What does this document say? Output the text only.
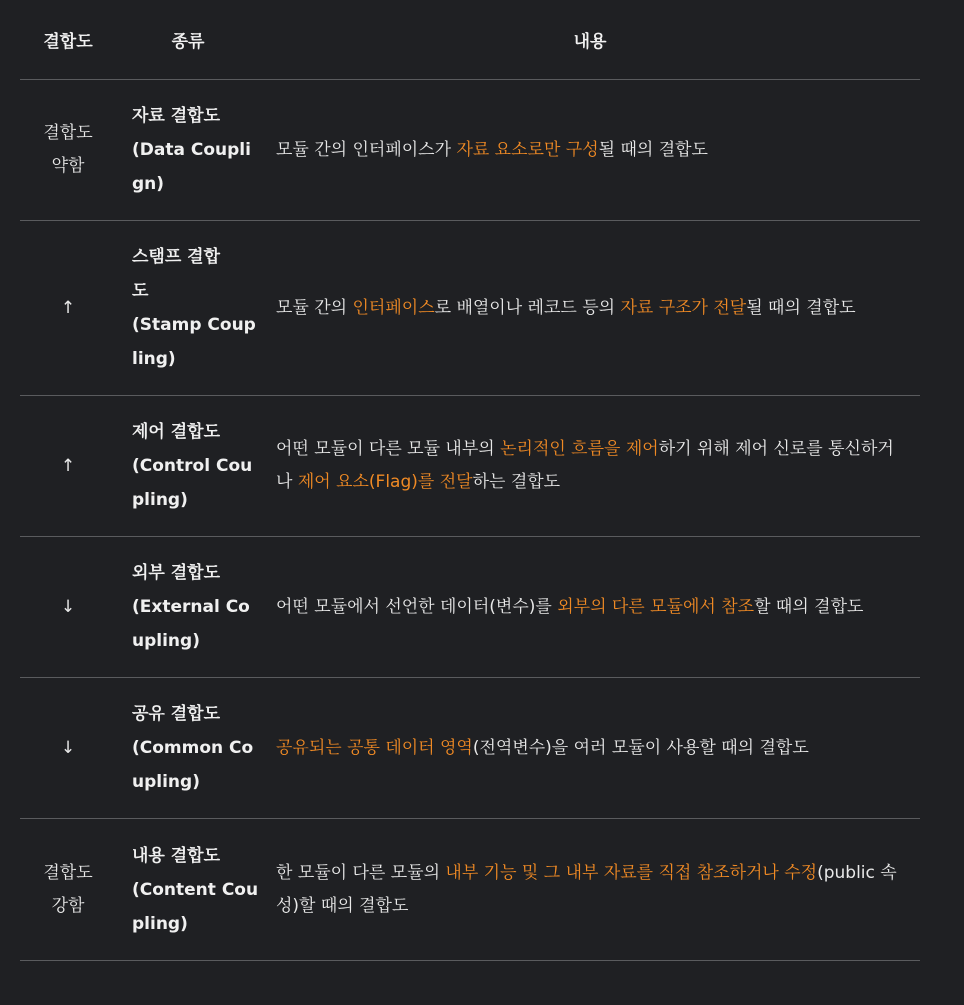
결합도	종류	내용
결합도
약함
자료 결합도
(Data Coupli
gn)
모듈 간의 인터페이스가 자료 요소로만 구성될 때의 결합도
↑
스탬프 결합
도
(Stamp Coup
ling)
모듈 간의 인터페이스로 배열이나 레코드 등의 자료 구조가 전달될 때의 결합도
↑
제어 결합도
(Control Cou
pling)
어떤 모듈이 다른 모듈 내부의 논리적인 흐름을 제어하기 위해 제어 신로를 통신하거나 제어 요소(Flag)를 전달하는 결합도
↓
외부 결합도
(External Co
upling)
어떤 모듈에서 선언한 데이터(변수)를 외부의 다른 모듈에서 참조할 때의 결합도
↓
공유 결합도
(Common Co
upling)
공유되는 공통 데이터 영역(전역변수)을 여러 모듈이 사용할 때의 결합도
결합도
강함
내용 결합도
(Content Cou
pling)
한 모듈이 다른 모듈의 내부 기능 및 그 내부 자료를 직접 참조하거나 수정(public 속성)할 때의 결합도
